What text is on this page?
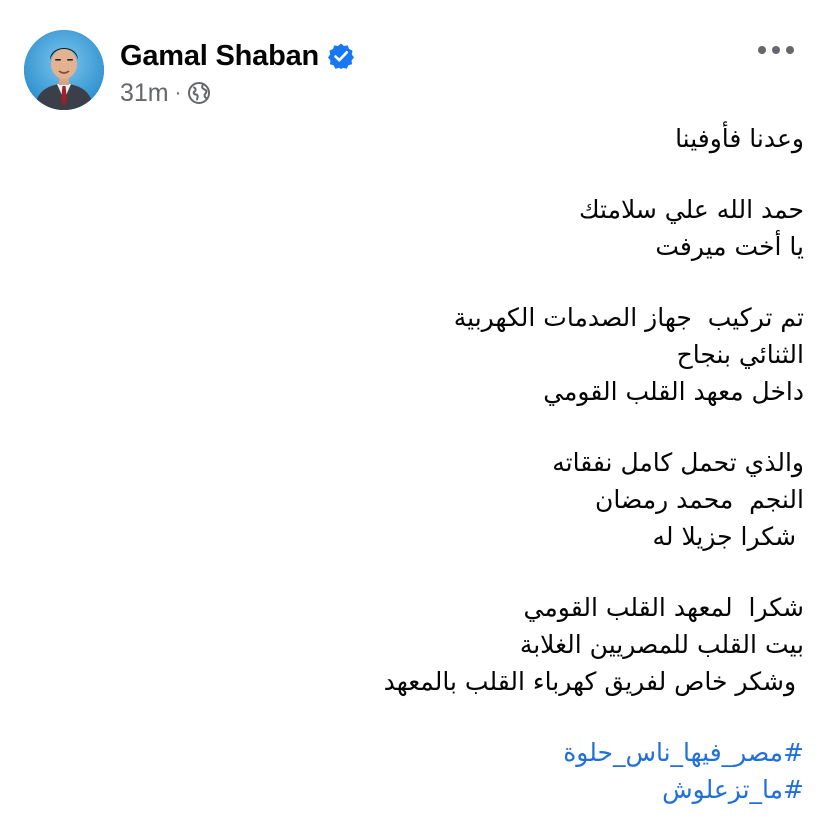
Gamal Shaban
31m ·
وعدنا فأوفينا
حمد الله علي سلامتك
يا أخت ميرفت
تم تركيب  جهاز الصدمات الكهربية
الثنائي بنجاح
داخل معهد القلب القومي
والذي تحمل كامل نفقاته
النجم  محمد رمضان
شكرا جزيلا له
شكرا  لمعهد القلب القومي
بيت القلب للمصريين الغلابة
وشكر خاص لفريق كهرباء القلب بالمعهد
#مصر_فيها_ناس_حلوة
#ما_تزعلوش
